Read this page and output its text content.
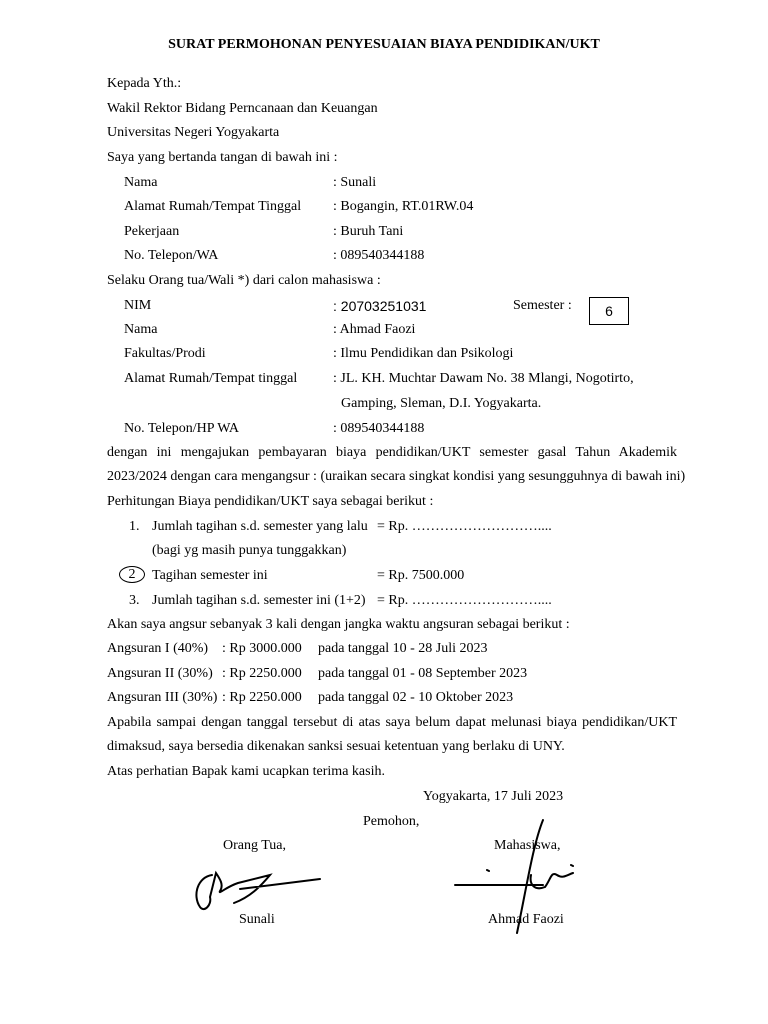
SURAT PERMOHONAN PENYESUAIAN BIAYA PENDIDIKAN/UKT
Kepada Yth.:
Wakil Rektor Bidang Perncanaan dan Keuangan
Universitas Negeri Yogyakarta
Saya yang bertanda tangan di bawah ini :
Nama	: Sunali
Alamat Rumah/Tempat Tinggal : Bogangin, RT.01RW.04
Pekerjaan	: Buruh Tani
No. Telepon/WA	: 089540344188
Selaku Orang tua/Wali *) dari calon mahasiswa :
NIM	: 20703251031	Semester :	6
Nama	: Ahmad Faozi
Fakultas/Prodi	: Ilmu Pendidikan dan Psikologi
Alamat Rumah/Tempat tinggal	: JL. KH. Muchtar Dawam No. 38 Mlangi, Nogotirto,
Gamping, Sleman, D.I. Yogyakarta.
No. Telepon/HP WA	: 089540344188
dengan ini mengajukan pembayaran biaya pendidikan/UKT semester gasal Tahun Akademik
2023/2024 dengan cara mengangsur : (uraikan secara singkat kondisi yang sesungguhnya di bawah ini)
Perhitungan Biaya pendidikan/UKT saya sebagai berikut :
1. Jumlah tagihan s.d. semester yang lalu = Rp. ………………………....
(bagi yg masih punya tunggakkan)
2	Tagihan semester ini	= Rp. 7500.000
3. Jumlah tagihan s.d. semester ini (1+2) = Rp. ………………………....
Akan saya angsur sebanyak 3 kali dengan jangka waktu angsuran sebagai berikut :
Angsuran I (40%) : Rp 3000.000 pada tanggal 10 - 28 Juli 2023
Angsuran II (30%) : Rp 2250.000 pada tanggal 01 - 08 September 2023
Angsuran III (30%) : Rp 2250.000 pada tanggal 02 - 10 Oktober 2023
Apabila sampai dengan tanggal tersebut di atas saya belum dapat melunasi biaya pendidikan/UKT
dimaksud, saya bersedia dikenakan sanksi sesuai ketentuan yang berlaku di UNY.
Atas perhatian Bapak kami ucapkan terima kasih.
Yogyakarta, 17 Juli 2023
Pemohon,
Orang Tua,	Mahasiswa,
Sunali	Ahmad Faozi
